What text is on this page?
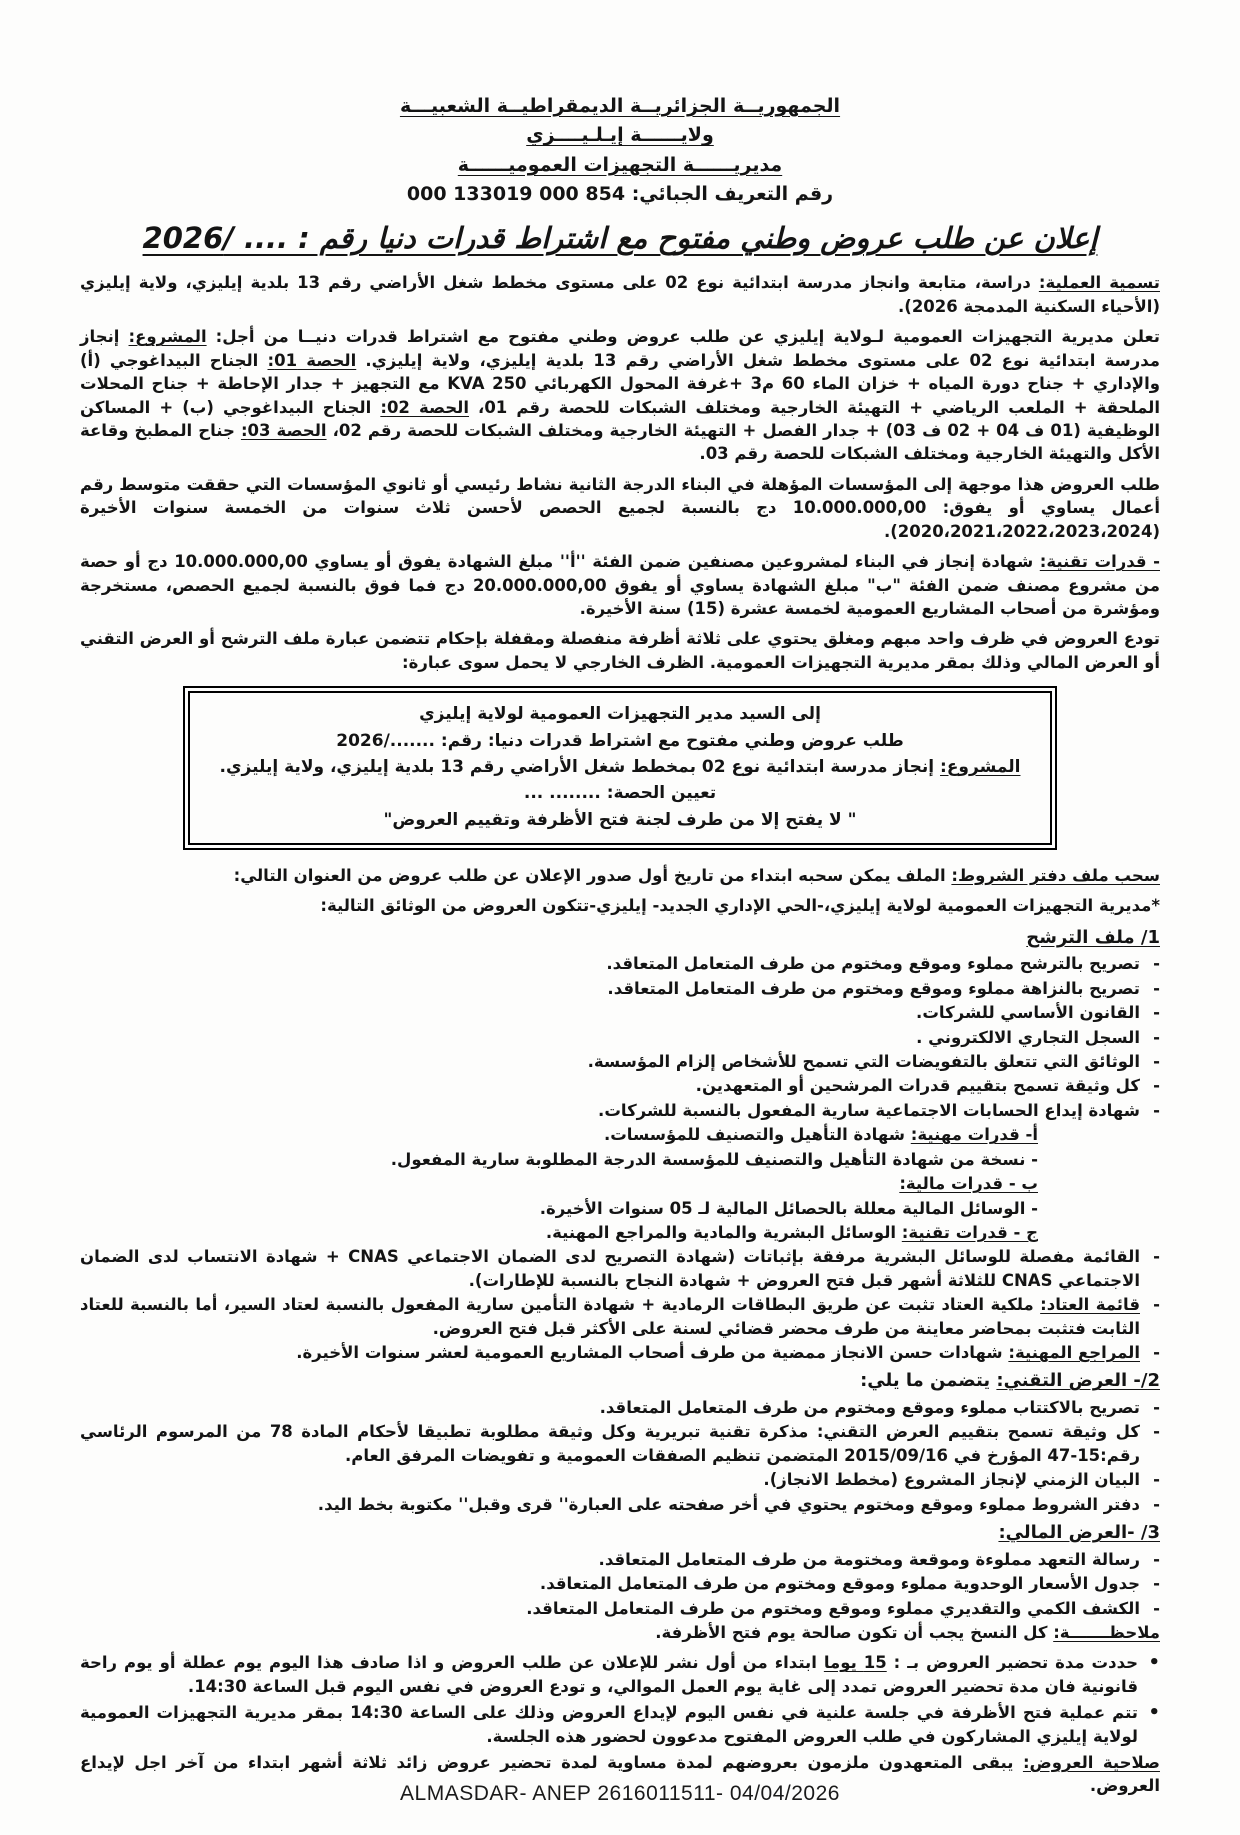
الجمهوريــة الجزائريــة الديمقراطيــة الشعبيـــة
ولايــــــة إيـلـيــــزي
مديريــــــة التجهيزات العموميــــــة
رقم التعريف الجبائي: 000 133019 000 854
إعلان عن طلب عروض وطني مفتوح مع اشتراط قدرات دنيا رقم : .... /2026

تسمية العملية: دراسة، متابعة وانجاز مدرسة ابتدائية نوع 02 على مستوى مخطط شغل الأراضي رقم 13 بلدية إيليزي، ولاية إيليزي (الأحياء السكنية المدمجة 2026).

تعلن مديرية التجهيزات العمومية لـولاية إيليزي عن طلب عروض وطني مفتوح مع اشتراط قدرات دنيــا من أجل: المشروع: إنجاز مدرسة ابتدائية نوع 02 على مستوى مخطط شغل الأراضي رقم 13 بلدية إيليزي، ولاية إيليزي. الحصة 01: الجناح البيداغوجي (أ) والإداري + جناح دورة المياه + خزان الماء 60 م3 +غرفة المحول الكهربائي KVA 250 مع التجهيز + جدار الإحاطة + جناح المحلات الملحقة + الملعب الرياضي + التهيئة الخارجية ومختلف الشبكات للحصة رقم 01، الحصة 02: الجناح البيداغوجي (ب) + المساكن الوظيفية (01 ف 04 + 02 ف 03) + جدار الفصل + التهيئة الخارجية ومختلف الشبكات للحصة رقم 02، الحصة 03: جناح المطبخ وقاعة الأكل والتهيئة الخارجية ومختلف الشبكات للحصة رقم 03.

طلب العروض هذا موجهة إلى المؤسسات المؤهلة في البناء الدرجة الثانية نشاط رئيسي أو ثانوي المؤسسات التي حققت متوسط رقم أعمال يساوي أو يفوق: 10.000.000,00 دج بالنسبة لجميع الحصص لأحسن ثلاث سنوات من الخمسة سنوات الأخيرة (2020،2021،2022،2023،2024).

- قدرات تقنية: شهادة إنجاز في البناء لمشروعين مصنفين ضمن الفئة ''أ'' مبلغ الشهادة يفوق أو يساوي 10.000.000,00 دج أو حصة من مشروع مصنف ضمن الفئة "ب" مبلغ الشهادة يساوي أو يفوق 20.000.000,00 دج فما فوق بالنسبة لجميع الحصص، مستخرجة ومؤشرة من أصحاب المشاريع العمومية لخمسة عشرة (15) سنة الأخيرة.

تودع العروض في ظرف واحد مبهم ومغلق يحتوي على ثلاثة أظرفة منفصلة ومقفلة بإحكام تتضمن عبارة ملف الترشح أو العرض التقني أو العرض المالي وذلك بمقر مديرية التجهيزات العمومية. الظرف الخارجي لا يحمل سوى عبارة:

إلى السيد مدير التجهيزات العمومية لولاية إيليزي

طلب عروض وطني مفتوح مع اشتراط قدرات دنيا: رقم: ......./2026

المشروع: إنجاز مدرسة ابتدائية نوع 02 بمخطط شغل الأراضي رقم 13 بلدية إيليزي، ولاية إيليزي.

تعيين الحصة: ........ ...

" لا يفتح إلا من طرف لجنة فتح الأظرفة وتقييم العروض"

سحب ملف دفتر الشروط: الملف يمكن سحبه ابتداء من تاريخ أول صدور الإعلان عن طلب عروض من العنوان التالي:

*مديرية التجهيزات العمومية لولاية إيليزي،-الحي الإداري الجديد- إيليزي-تتكون العروض من الوثائق التالية:

1/ ملف الترشح
- تصريح بالترشح مملوء وموقع ومختوم من طرف المتعامل المتعاقد.
- تصريح بالنزاهة مملوء وموقع ومختوم من طرف المتعامل المتعاقد.
- القانون الأساسي للشركات.
- السجل التجاري الالكتروني .
- الوثائق التي تتعلق بالتفويضات التي تسمح للأشخاص إلزام المؤسسة.
- كل وثيقة تسمح بتقييم قدرات المرشحين أو المتعهدين.
- شهادة إيداع الحسابات الاجتماعية سارية المفعول بالنسبة للشركات.

أ- قدرات مهنية: شهادة التأهيل والتصنيف للمؤسسات.

- نسخة من شهادة التأهيل والتصنيف للمؤسسة الدرجة المطلوبة سارية المفعول.

ب - قدرات مالية:

- الوسائل المالية معللة بالحصائل المالية لـ 05 سنوات الأخيرة.

ج - قدرات تقنية: الوسائل البشرية والمادية والمراجع المهنية.

- القائمة مفصلة للوسائل البشرية مرفقة بإثباتات (شهادة التصريح لدى الضمان الاجتماعي CNAS + شهادة الانتساب لدى الضمان الاجتماعي CNAS للثلاثة أشهر قبل فتح العروض + شهادة النجاح بالنسبة للإطارات).
- قائمة العتاد: ملكية العتاد تثبت عن طريق البطاقات الرمادية + شهادة التأمين سارية المفعول بالنسبة لعتاد السير، أما بالنسبة للعتاد الثابت فتثبت بمحاضر معاينة من طرف محضر قضائي لسنة على الأكثر قبل فتح العروض.
- المراجع المهنية: شهادات حسن الانجاز ممضية من طرف أصحاب المشاريع العمومية لعشر سنوات الأخيرة.
2/- العرض التقني: يتضمن ما يلي:
- تصريح بالاكتتاب مملوء وموقع ومختوم من طرف المتعامل المتعاقد.
- كل وثيقة تسمح بتقييم العرض التقني: مذكرة تقنية تبريرية وكل وثيقة مطلوبة تطبيقا لأحكام المادة 78 من المرسوم الرئاسي رقم:15-47 المؤرخ في 2015/09/16 المتضمن تنظيم الصفقات العمومية و تفويضات المرفق العام.
- البيان الزمني لإنجاز المشروع (مخطط الانجاز).
- دفتر الشروط مملوء وموقع ومختوم يحتوي في أخر صفحته على العبارة'' قرى وقبل'' مكتوبة بخط اليد.
3/ -العرض المالي:
- رسالة التعهد مملوءة وموقعة ومختومة من طرف المتعامل المتعاقد.
- جدول الأسعار الوحدوية مملوء وموقع ومختوم من طرف المتعامل المتعاقد.
- الكشف الكمي والتقديري مملوء وموقع ومختوم من طرف المتعامل المتعاقد.

ملاحظـــــــة: كل النسخ يجب أن تكون صالحة يوم فتح الأظرفة.

• حددت مدة تحضير العروض بـ : 15 يوما ابتداء من أول نشر للإعلان عن طلب العروض و اذا صادف هذا اليوم يوم عطلة أو يوم راحة قانونية فان مدة تحضير العروض تمدد إلى غاية يوم العمل الموالي، و تودع العروض في نفس اليوم قبل الساعة 14:30.
• تتم عملية فتح الأظرفة في جلسة علنية في نفس اليوم لإيداع العروض وذلك على الساعة 14:30 بمقر مديرية التجهيزات العمومية لولاية إيليزي المشاركون في طلب العروض المفتوح مدعوون لحضور هذه الجلسة.

صلاحية العروض: يبقى المتعهدون ملزمون بعروضهم لمدة مساوية لمدة تحضير عروض زائد ثلاثة أشهر ابتداء من آخر اجل لإيداع العروض.

ALMASDAR- ANEP 2616011511- 04/04/2026
